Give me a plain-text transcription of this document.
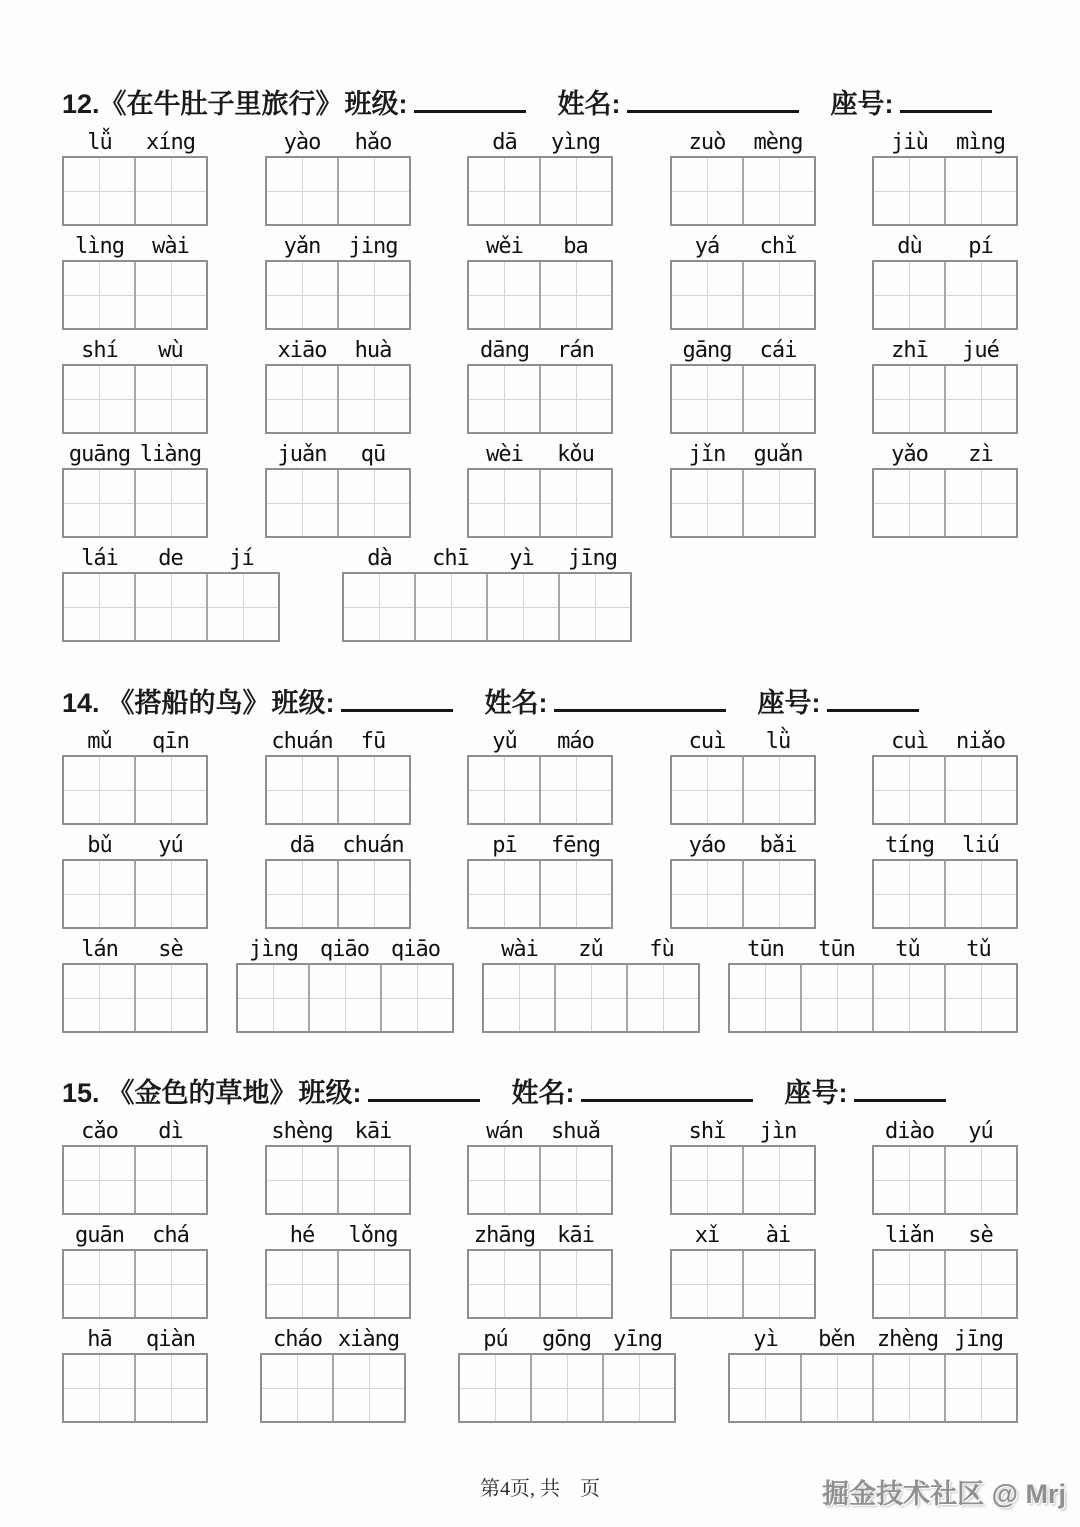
12. 《在牛肚子里旅行》 班级:	姓名:	座号:
lǚ	xíng	yào	hǎo	dā	yìng	zuò	mèng	jiù	mìng
lìng	wài	yǎn	jing	wěi	ba	yá	chǐ	dù	pí
shí	wù	xiāo	huà	dāng	rán	gāng	cái	zhī	jué
guāng liàng	juǎn	qū	wèi	kǒu	jǐn	guǎn	yǎo	zì
lái	de	jí	dà	chī	yì	jīng
14. 《搭船的鸟》 班级:	姓名:	座号:
mǔ	qīn	chuán	fū	yǔ	máo	cuì	lǜ	cuì	niǎo
bǔ	yú	dā	chuán	pī	fēng	yáo	bǎi	tíng	liú
lán	sè	jìng	qiāo	qiāo	wài	zǔ	fù	tūn	tūn	tǔ	tǔ
15. 《金色的草地》 班级:	姓名:	座号:
cǎo	dì	shèng	kāi	wán	shuǎ	shǐ	jìn	diào	yú
guān	chá	hé	lǒng	zhāng	kāi	xǐ	ài	liǎn	sè
hā	qiàn	cháo xiàng	pú	gōng	yīng	yì	běn	zhèng jīng
第4页, 共　页	掘金技术社区 @ Mrj
